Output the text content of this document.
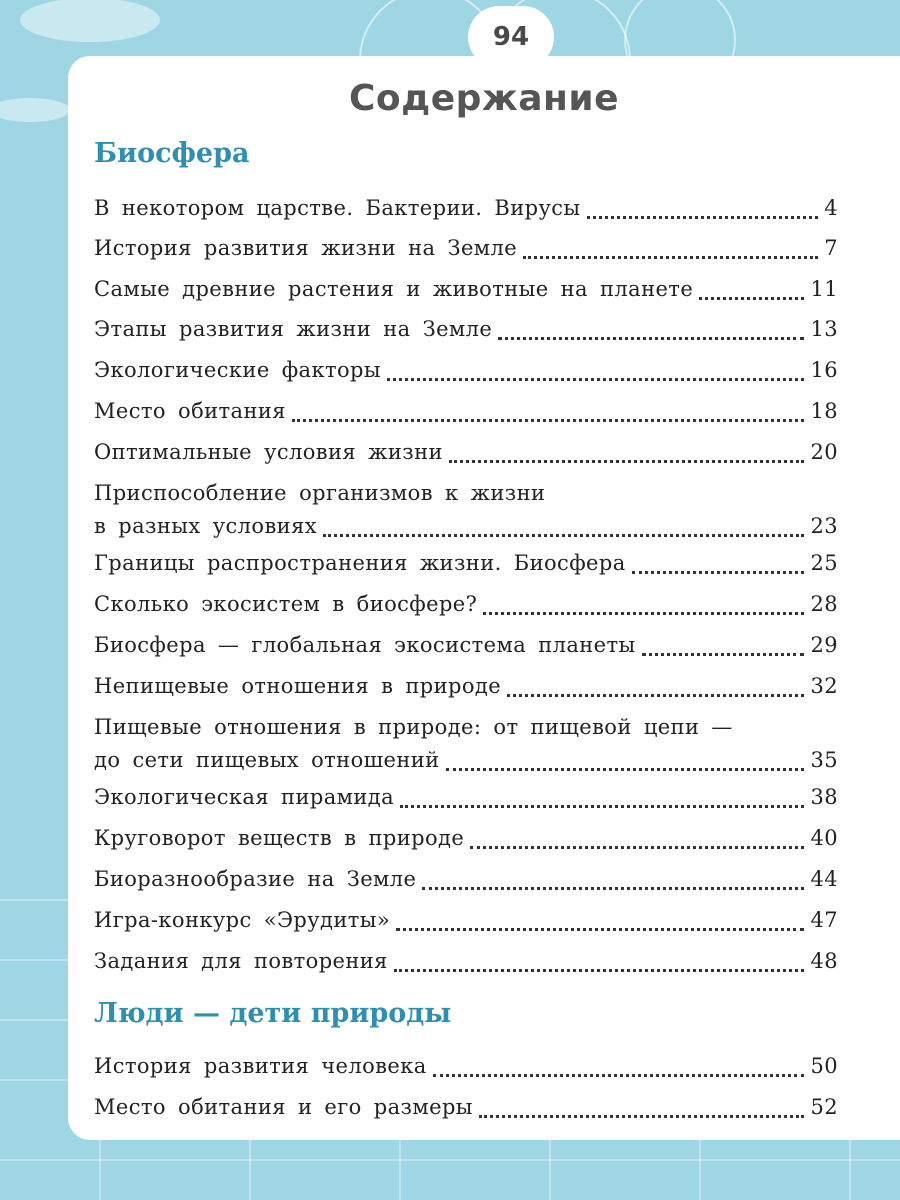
Содержание
Биосфера
В некотором царстве. Бактерии. Вирусы	4
История развития жизни на Земле	7
Самые древние растения и животные на планете	11
Этапы развития жизни на Земле	13
Экологические факторы	16
Место обитания	18
Оптимальные условия жизни	20
Приспособление организмов к жизни
в разных условиях	23
Границы распространения жизни. Биосфера	25
Сколько экосистем в биосфере?	28
Биосфера — глобальная экосистема планеты	29
Непищевые отношения в природе	32
Пищевые отношения в природе: от пищевой цепи —
до сети пищевых отношений	35
Экологическая пирамида	38
Круговорот веществ в природе	40
Биоразнообразие на Земле	44
Игра-конкурс «Эрудиты»	47
Задания для повторения	48
Люди — дети природы
История развития человека	50
Место обитания и его размеры	52
94
